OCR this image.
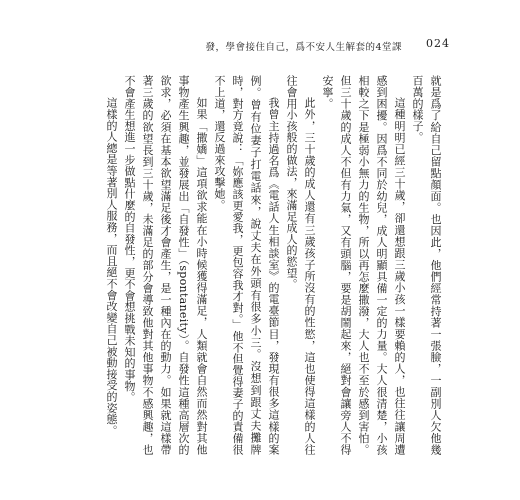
發，學會接住自己，爲不安人生解套的4堂課 024

就是爲了給自己留點顏面。也因此，他們經常持著一張臉，一副別人欠他幾百萬的樣子。

這種明明已經三十歲，卻還想跟三歲小孩一樣要賴的人，也往往讓周遭感到困擾。因爲不同於幼兒，成人明顯具備一定的力量。大人很清楚，小孩相較之下是極弱小無力的生物，所以再怎麼撒潑，大人也不至於感到害怕。但三十歲的成人不但有力氣，又有頭腦，要是胡鬧起來，絕對會讓旁人不得安寧。

此外，三十歲的成人還有三歲孩子所沒有的性慾，這也使得這樣的人往往會用小孩般的做法，來滿足成人的慾望。

我曾主持過名爲《電話人生相談室》的電臺節目，發現有很多這樣的案例。曾有位妻子打電話來，說丈夫在外頭有很多小三。沒想到跟丈夫攤牌時，對方竟說：「妳應該更愛我，更包容我才對。」他不但覺得妻子的責備很不上道，還反過來攻擊她。

如果「撒嬌」這項欲求能在小時候獲得滿足，人類就會自然而然對其他事物產生興趣，並發展出「自發性」（spontaneity）。自發性這種高層次的欲求，必須在基本欲望滿足後才會產生，是一種內在的動力。如果就這樣帶著三歲的欲望長到三十歲，未滿足的部分會導致他對其他事物不感興趣，也不會產生想進一步做點什麼的自發性，更不會想挑戰未知的事物。

這樣的人總是等著別人服務，而且絕不會改變自己被動接受的姿態。
